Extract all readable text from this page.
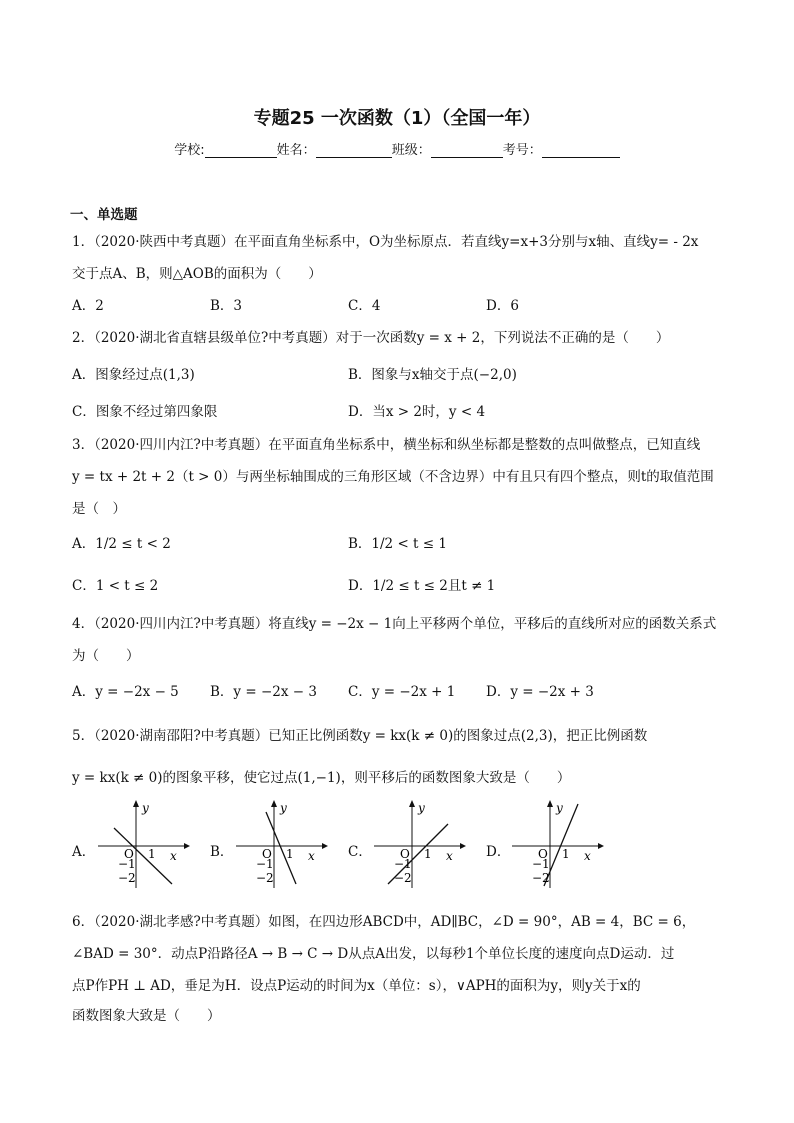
专题25 一次函数（1）（全国一年）
学校:	姓名：	班级：	考号：
一、单选题
1．（2020·陕西中考真题）在平面直角坐标系中，O为坐标原点．若直线y=x+3分别与x轴、直线y= - 2x
交于点A、B，则△AOB的面积为（　　）
A．2	B．3	C．4	D．6
2．（2020·湖北省直辖县级单位?中考真题）对于一次函数y = x + 2，下列说法不正确的是（　　）
A．图象经过点(1,3)	B．图象与x轴交于点(−2,0)
C．图象不经过第四象限	D．当x > 2时，y < 4
3．（2020·四川内江?中考真题）在平面直角坐标系中，横坐标和纵坐标都是整数的点叫做整点，已知直线
y = tx + 2t + 2（t > 0）与两坐标轴围成的三角形区域（不含边界）中有且只有四个整点，则t的取值范围
是（　）
A．1/2 ≤ t < 2	B．1/2 < t ≤ 1
C．1 < t ≤ 2	D．1/2 ≤ t ≤ 2且t ≠ 1
4．（2020·四川内江?中考真题）将直线y = −2x − 1向上平移两个单位，平移后的直线所对应的函数关系式
为（　　）
A．y = −2x − 5 B．y = −2x − 3 C．y = −2x + 1 D．y = −2x + 3
5．（2020·湖南邵阳?中考真题）已知正比例函数y = kx(k ≠ 0)的图象过点(2,3)，把正比例函数
y = kx(k ≠ 0)的图象平移，使它过点(1,−1)，则平移后的函数图象大致是（　　）
A．	B．	C．	D．
y
x
O 1
−1
−2
y
x
O 1
−1
−2
y
x
O 1
−1
−2
y
x
O 1
−1
−2
6．（2020·湖北孝感?中考真题）如图，在四边形ABCD中，AD∥BC，∠D = 90°，AB = 4，BC = 6，
∠BAD = 30°．动点P沿路径A → B → C → D从点A出发，以每秒1个单位长度的速度向点D运动．过
点P作PH ⊥ AD，垂足为H．设点P运动的时间为x（单位：s），∨APH的面积为y，则y关于x的
函数图象大致是（　　）
